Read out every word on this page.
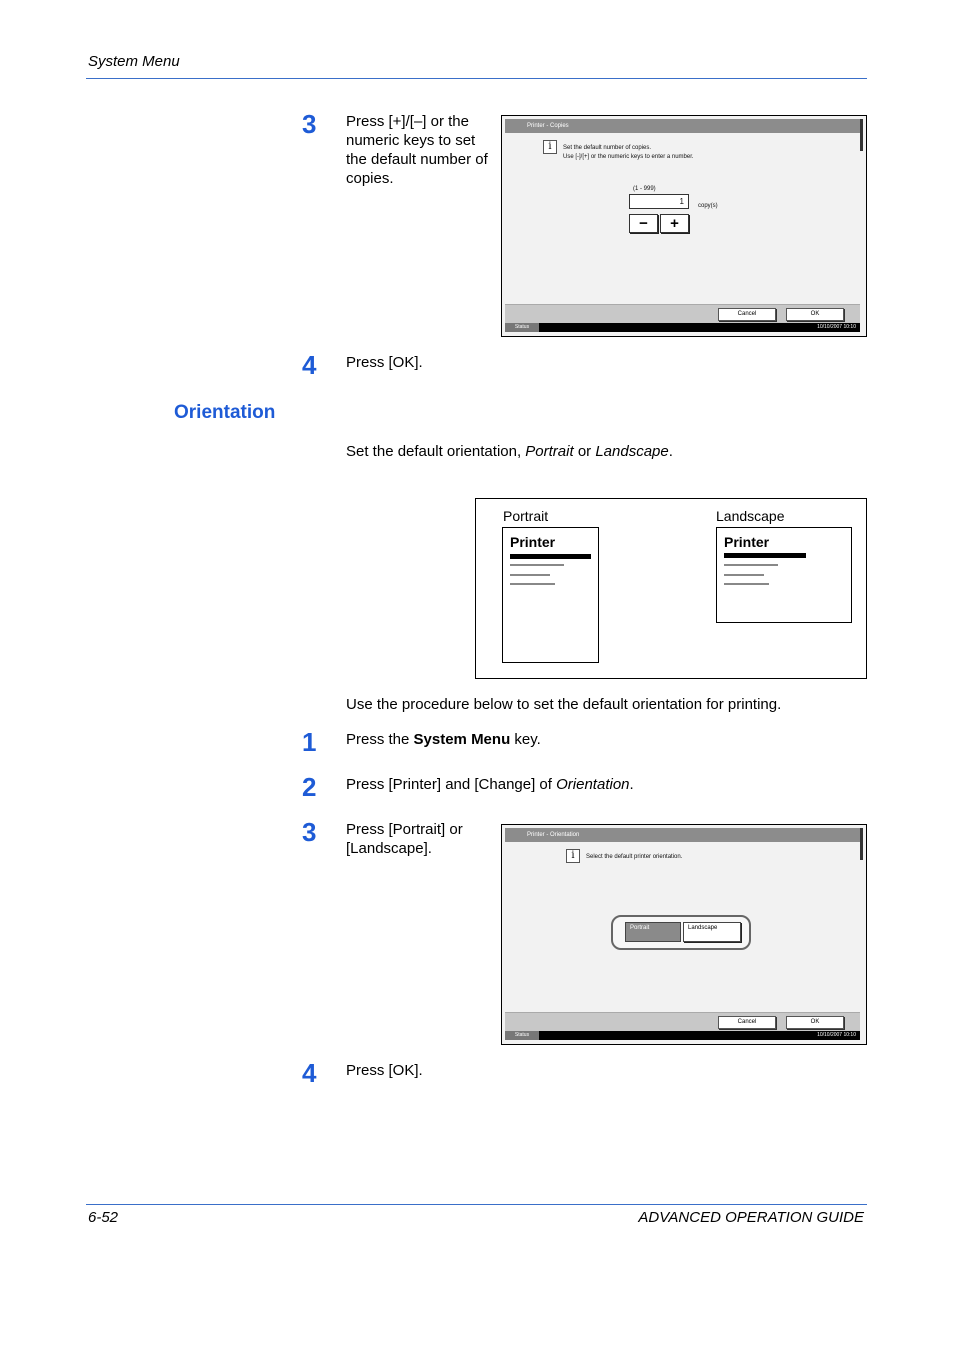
System Menu
3 Press [+]/[–] or the numeric keys to set the default number of copies.
Printer - Copies
i	Set the default number of copies.
Use [-]/[+] or the numeric keys to enter a number.
(1 - 999)
1 copy(s)
−	+
Cancel	OK
Status	10/10/2007 10:10
4 Press [OK].
Orientation
Set the default orientation, Portrait or Landscape.
Portrait	Landscape
Printer	Printer
Use the procedure below to set the default orientation for printing.
1 Press the System Menu key.
2 Press [Printer] and [Change] of Orientation.
3 Press [Portrait] or [Landscape].
Printer - Orientation
i	Select the default printer orientation.
Portrait	Landscape
Cancel	OK
Status	10/10/2007 10:10
4 Press [OK].
6-52	ADVANCED OPERATION GUIDE
